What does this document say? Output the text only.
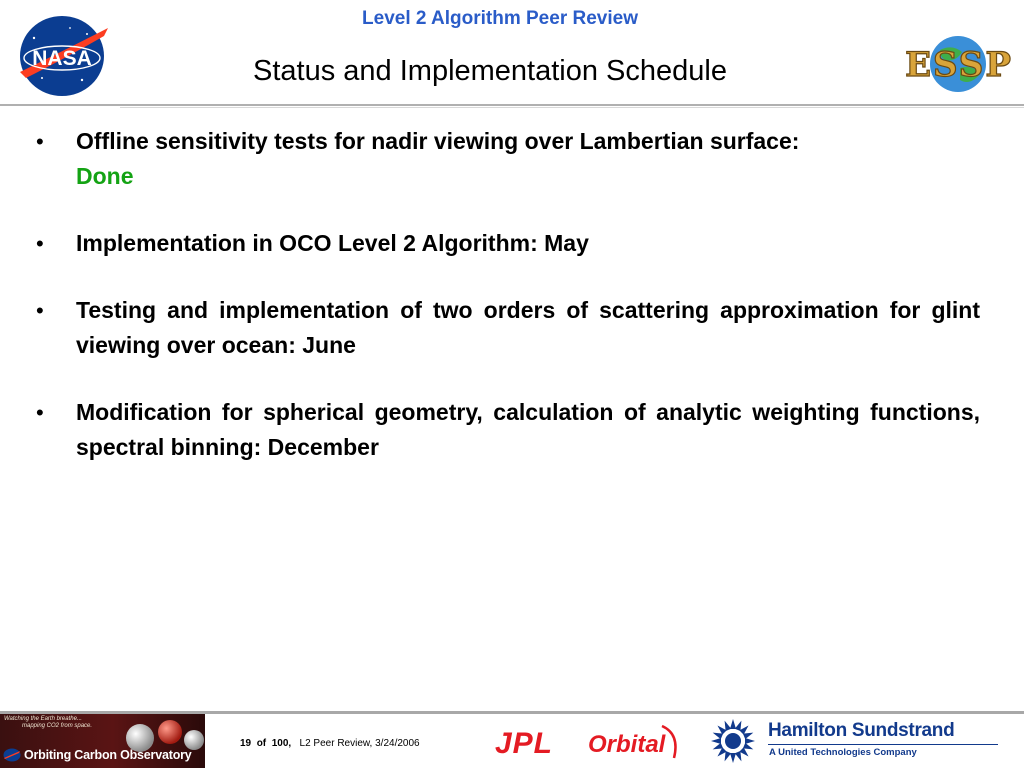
NASA
Level 2 Algorithm Peer Review
Status and Implementation Schedule	ESSP
•	Offline sensitivity tests for nadir viewing over Lambertian surface:
Done
•	Implementation in OCO Level 2 Algorithm: May
•	Testing and implementation of two orders of scattering approximation for glint viewing over ocean: June
•	Modification for spherical geometry, calculation of analytic weighting functions, spectral binning: December
Watching the Earth breathe...
mapping CO2 from space.
Orbiting Carbon Observatory
19 of 100, L2 Peer Review, 3/24/2006	JPL Orbital
Hamilton Sundstrand
A United Technologies Company
